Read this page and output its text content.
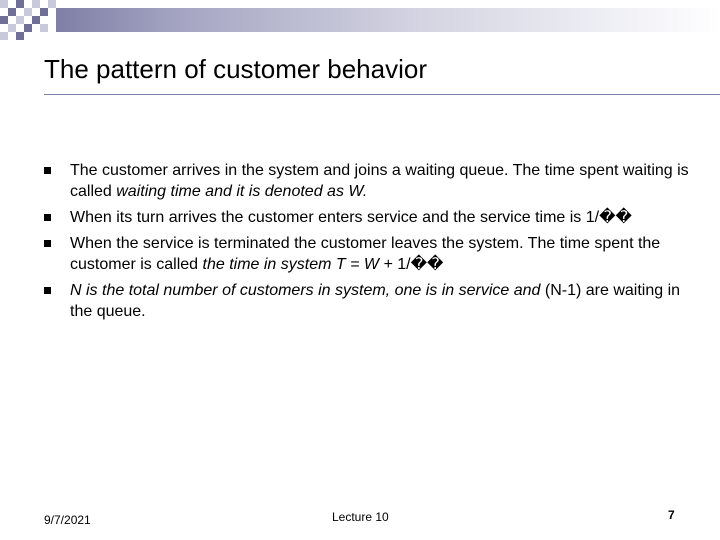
The pattern of customer behavior
The customer arrives in the system and joins a waiting queue. The time spent waiting is called waiting time and it is denoted as W.
When its turn arrives the customer enters service and the service time is 1/��
When the service is terminated the customer leaves the system. The time spent the customer is called the time in system T = W + 1/��
N is the total number of customers in system, one is in service and (N-1) are waiting in the queue.
9/7/2021	Lecture 10	7
